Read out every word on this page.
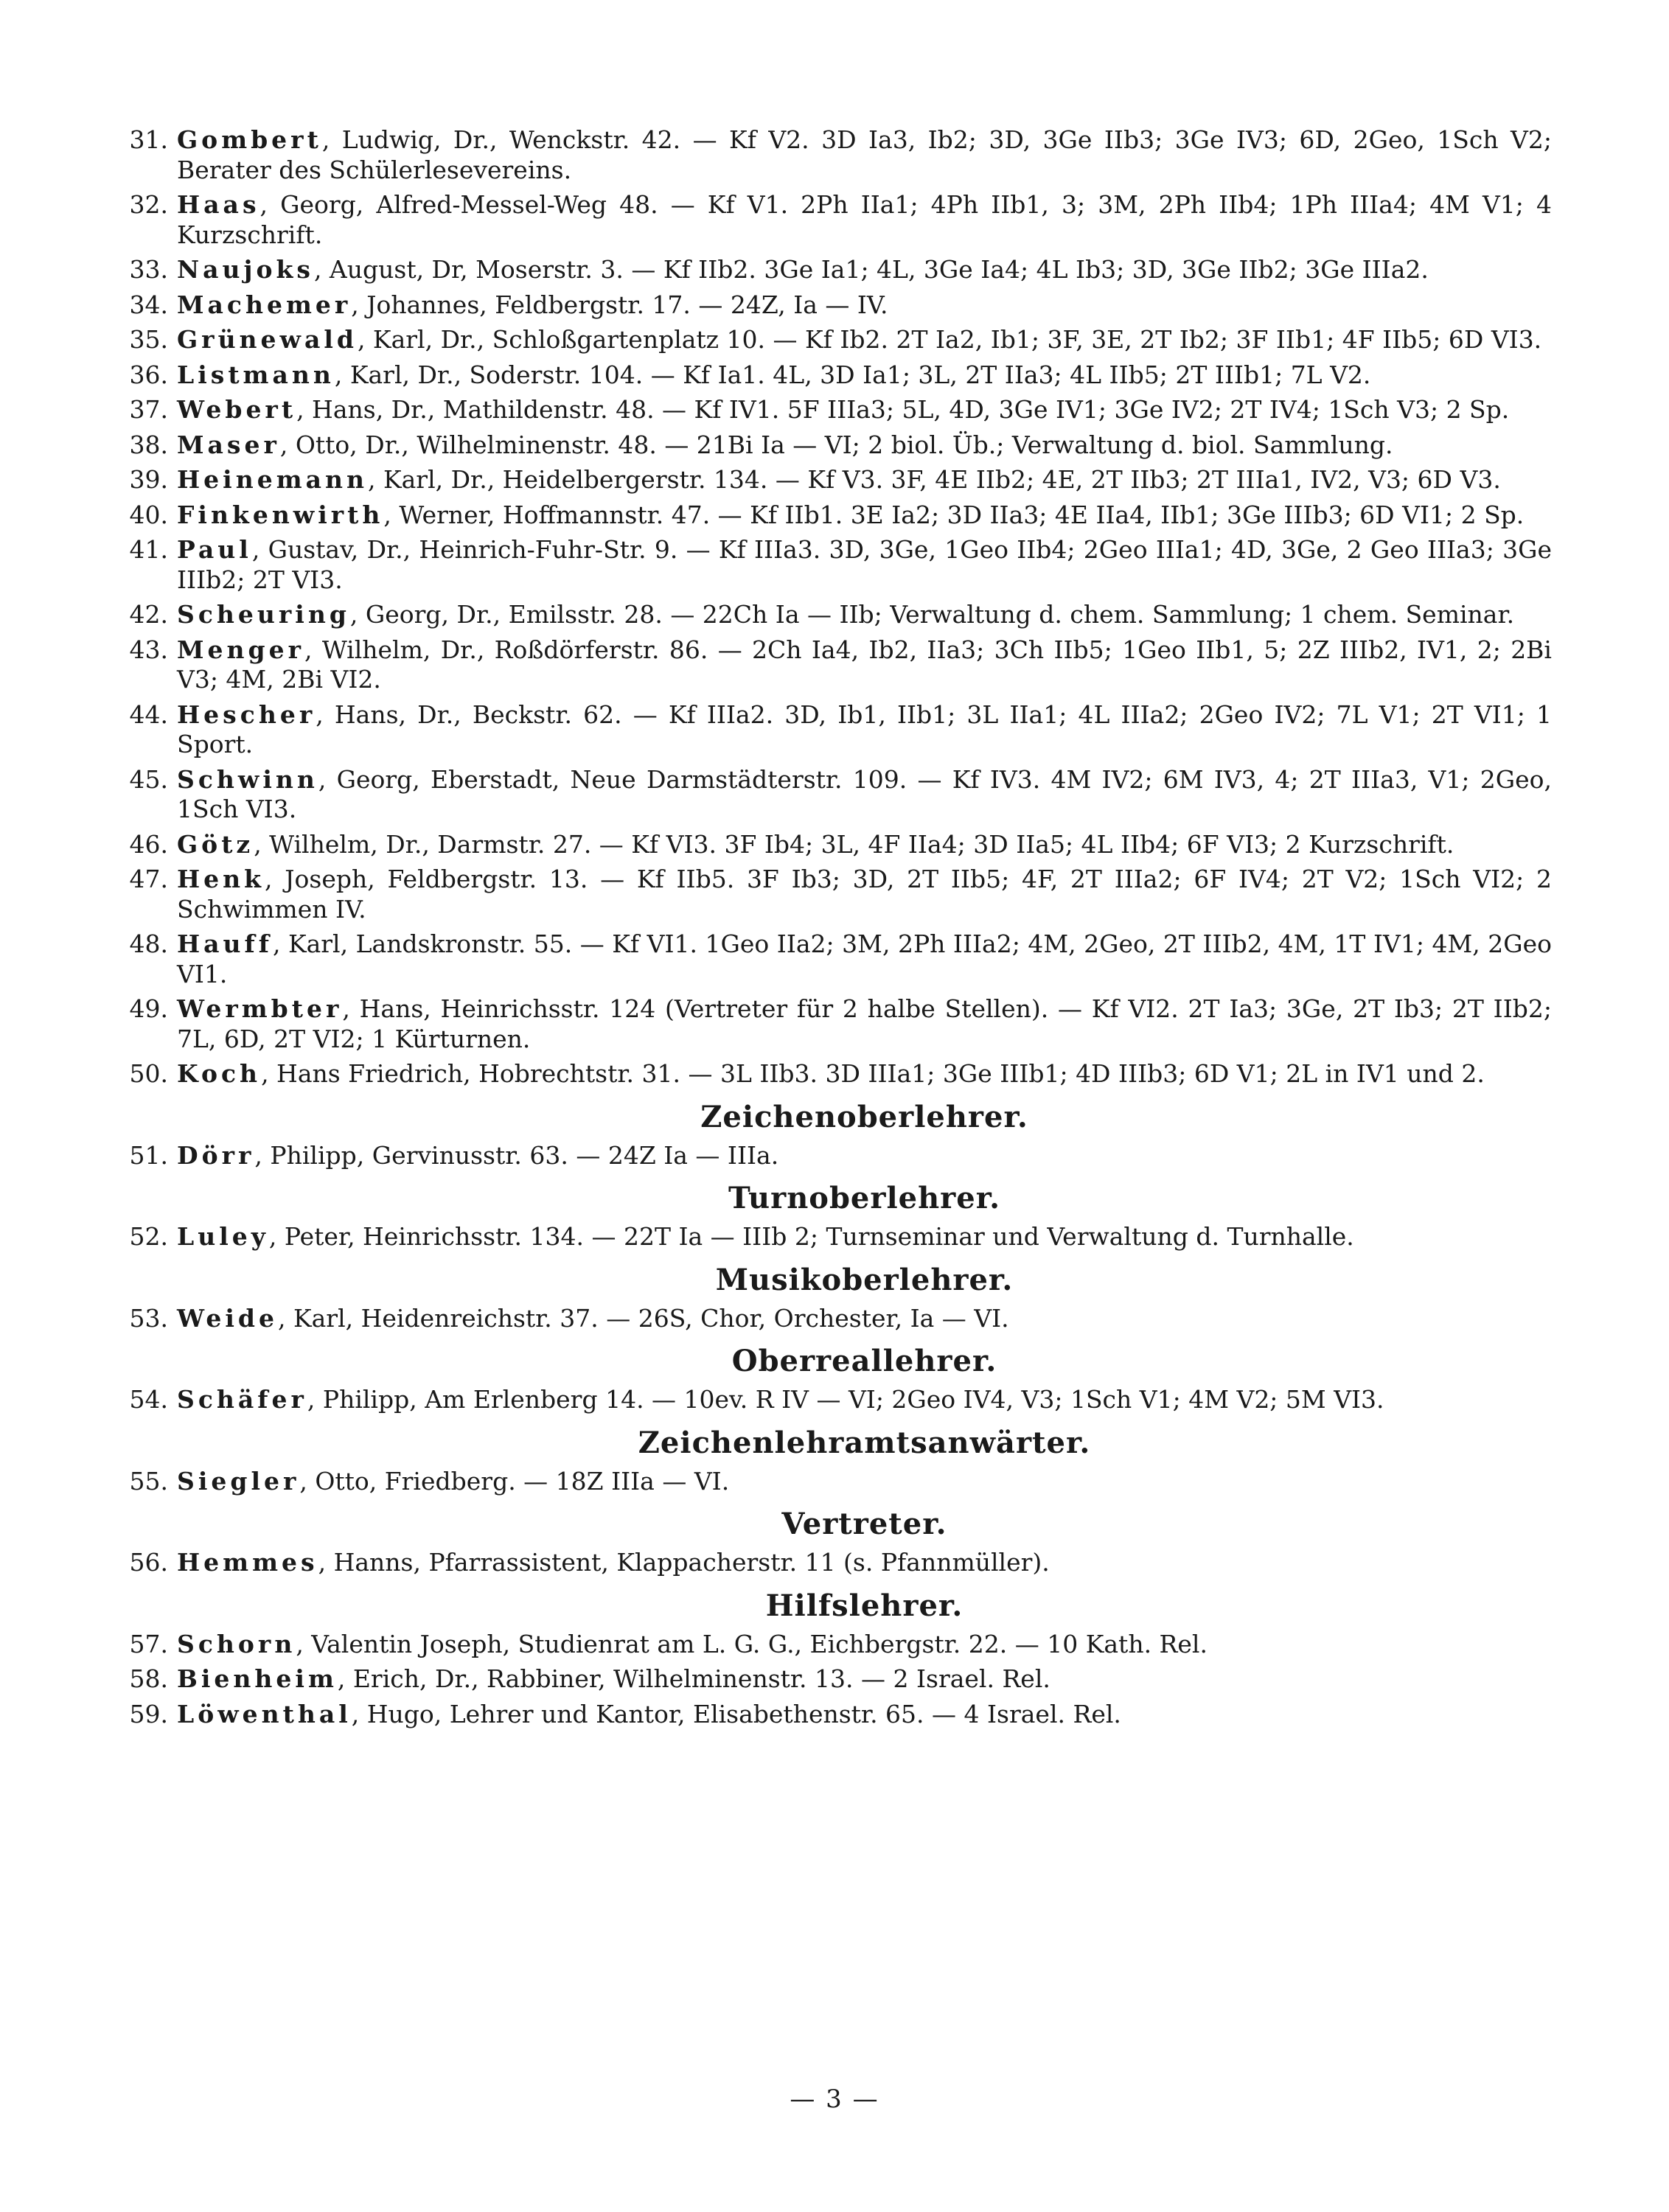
31. Gombert, Ludwig, Dr., Wenckstr. 42. — Kf V2. 3D Ia3, Ib2; 3D, 3Ge IIb3; 3Ge IV3; 6D, 2Geo, 1Sch V2; Berater des Schülerlesevereins.
32. Haas, Georg, Alfred-Messel-Weg 48. — Kf V1. 2Ph IIa1; 4Ph IIb1, 3; 3M, 2Ph IIb4; 1Ph IIIa4; 4M V1; 4 Kurzschrift.
33. Naujoks, August, Dr, Moserstr. 3. — Kf IIb2. 3Ge Ia1; 4L, 3Ge Ia4; 4L Ib3; 3D, 3Ge IIb2; 3Ge IIIa2.
34. Machemer, Johannes, Feldbergstr. 17. — 24Z, Ia — IV.
35. Grünewald, Karl, Dr., Schloßgartenplatz 10. — Kf Ib2. 2T Ia2, Ib1; 3F, 3E, 2T Ib2; 3F IIb1; 4F IIb5; 6D VI3.
36. Listmann, Karl, Dr., Soderstr. 104. — Kf Ia1. 4L, 3D Ia1; 3L, 2T IIa3; 4L IIb5; 2T IIIb1; 7L V2.
37. Webert, Hans, Dr., Mathildenstr. 48. — Kf IV1. 5F IIIa3; 5L, 4D, 3Ge IV1; 3Ge IV2; 2T IV4; 1Sch V3; 2 Sp.
38. Maser, Otto, Dr., Wilhelminenstr. 48. — 21Bi Ia — VI; 2 biol. Üb.; Verwaltung d. biol. Sammlung.
39. Heinemann, Karl, Dr., Heidelbergerstr. 134. — Kf V3. 3F, 4E IIb2; 4E, 2T IIb3; 2T IIIa1, IV2, V3; 6D V3.
40. Finkenwirth, Werner, Hoffmannstr. 47. — Kf IIb1. 3E Ia2; 3D IIa3; 4E IIa4, IIb1; 3Ge IIIb3; 6D VI1; 2 Sp.
41. Paul, Gustav, Dr., Heinrich-Fuhr-Str. 9. — Kf IIIa3. 3D, 3Ge, 1Geo IIb4; 2Geo IIIa1; 4D, 3Ge, 2 Geo IIIa3; 3Ge IIIb2; 2T VI3.
42. Scheuring, Georg, Dr., Emilsstr. 28. — 22Ch Ia — IIb; Verwaltung d. chem. Sammlung; 1 chem. Seminar.
43. Menger, Wilhelm, Dr., Roßdörferstr. 86. — 2Ch Ia4, Ib2, IIa3; 3Ch IIb5; 1Geo IIb1, 5; 2Z IIIb2, IV1, 2; 2Bi V3; 4M, 2Bi VI2.
44. Hescher, Hans, Dr., Beckstr. 62. — Kf IIIa2. 3D, Ib1, IIb1; 3L IIa1; 4L IIIa2; 2Geo IV2; 7L V1; 2T VI1; 1 Sport.
45. Schwinn, Georg, Eberstadt, Neue Darmstädterstr. 109. — Kf IV3. 4M IV2; 6M IV3, 4; 2T IIIa3, V1; 2Geo, 1Sch VI3.
46. Götz, Wilhelm, Dr., Darmstr. 27. — Kf VI3. 3F Ib4; 3L, 4F IIa4; 3D IIa5; 4L IIb4; 6F VI3; 2 Kurzschrift.
47. Henk, Joseph, Feldbergstr. 13. — Kf IIb5. 3F Ib3; 3D, 2T IIb5; 4F, 2T IIIa2; 6F IV4; 2T V2; 1Sch VI2; 2 Schwimmen IV.
48. Hauff, Karl, Landskronstr. 55. — Kf VI1. 1Geo IIa2; 3M, 2Ph IIIa2; 4M, 2Geo, 2T IIIb2, 4M, 1T IV1; 4M, 2Geo VI1.
49. Wermbter, Hans, Heinrichsstr. 124 (Vertreter für 2 halbe Stellen). — Kf VI2. 2T Ia3; 3Ge, 2T Ib3; 2T IIb2; 7L, 6D, 2T VI2; 1 Kürturnen.
50. Koch, Hans Friedrich, Hobrechtstr. 31. — 3L IIb3. 3D IIIa1; 3Ge IIIb1; 4D IIIb3; 6D V1; 2L in IV1 und 2.
Zeichenoberlehrer.
51. Dörr, Philipp, Gervinusstr. 63. — 24Z Ia — IIIa.
Turnoberlehrer.
52. Luley, Peter, Heinrichsstr. 134. — 22T Ia — IIIb 2; Turnseminar und Verwaltung d. Turnhalle.
Musikoberlehrer.
53. Weide, Karl, Heidenreichstr. 37. — 26S, Chor, Orchester, Ia — VI.
Oberreallehrer.
54. Schäfer, Philipp, Am Erlenberg 14. — 10ev. R IV — VI; 2Geo IV4, V3; 1Sch V1; 4M V2; 5M VI3.
Zeichenlehramtsanwärter.
55. Siegler, Otto, Friedberg. — 18Z IIIa — VI.
Vertreter.
56. Hemmes, Hanns, Pfarrassistent, Klappacherstr. 11 (s. Pfannmüller).
Hilfslehrer.
57. Schorn, Valentin Joseph, Studienrat am L. G. G., Eichbergstr. 22. — 10 Kath. Rel.
58. Bienheim, Erich, Dr., Rabbiner, Wilhelminenstr. 13. — 2 Israel. Rel.
59. Löwenthal, Hugo, Lehrer und Kantor, Elisabethenstr. 65. — 4 Israel. Rel.
— 3 —
